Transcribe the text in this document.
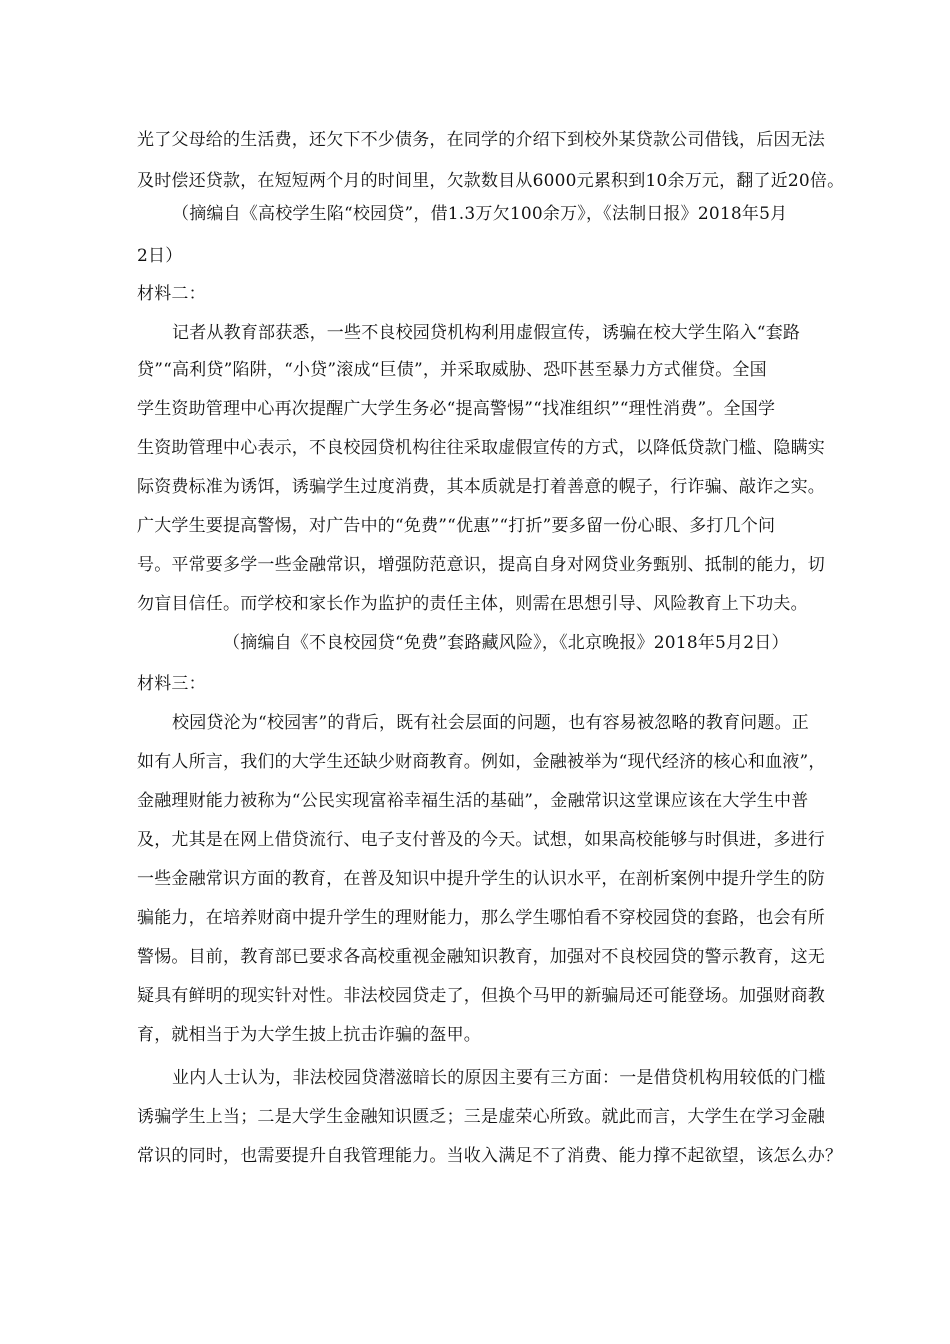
光了父母给的生活费，还欠下不少债务，在同学的介绍下到校外某贷款公司借钱，后因无法
及时偿还贷款，在短短两个月的时间里，欠款数目从6000元累积到10余万元，翻了近20倍。
（摘编自《高校学生陷“校园贷”，借1.3万欠100余万》，《法制日报》2018年5月
2日）
材料二：
记者从教育部获悉，一些不良校园贷机构利用虚假宣传，诱骗在校大学生陷入“套路
贷”“高利贷”陷阱，“小贷”滚成“巨债”，并采取威胁、恐吓甚至暴力方式催贷。全国
学生资助管理中心再次提醒广大学生务必“提高警惕”“找准组织”“理性消费”。全国学
生资助管理中心表示，不良校园贷机构往往采取虚假宣传的方式，以降低贷款门槛、隐瞒实
际资费标准为诱饵，诱骗学生过度消费，其本质就是打着善意的幌子，行诈骗、敲诈之实。
广大学生要提高警惕，对广告中的“免费”“优惠”“打折”要多留一份心眼、多打几个问
号。平常要多学一些金融常识，增强防范意识，提高自身对网贷业务甄别、抵制的能力，切
勿盲目信任。而学校和家长作为监护的责任主体，则需在思想引导、风险教育上下功夫。
（摘编自《不良校园贷“免费”套路藏风险》，《北京晚报》2018年5月2日）
材料三：
校园贷沦为“校园害”的背后，既有社会层面的问题，也有容易被忽略的教育问题。正
如有人所言，我们的大学生还缺少财商教育。例如，金融被举为“现代经济的核心和血液”，
金融理财能力被称为“公民实现富裕幸福生活的基础”，金融常识这堂课应该在大学生中普
及，尤其是在网上借贷流行、电子支付普及的今天。试想，如果高校能够与时俱进，多进行
一些金融常识方面的教育，在普及知识中提升学生的认识水平，在剖析案例中提升学生的防
骗能力，在培养财商中提升学生的理财能力，那么学生哪怕看不穿校园贷的套路，也会有所
警惕。目前，教育部已要求各高校重视金融知识教育，加强对不良校园贷的警示教育，这无
疑具有鲜明的现实针对性。非法校园贷走了，但换个马甲的新骗局还可能登场。加强财商教
育，就相当于为大学生披上抗击诈骗的盔甲。
业内人士认为，非法校园贷潜滋暗长的原因主要有三方面：一是借贷机构用较低的门槛
诱骗学生上当；二是大学生金融知识匮乏；三是虚荣心所致。就此而言，大学生在学习金融
常识的同时，也需要提升自我管理能力。当收入满足不了消费、能力撑不起欲望，该怎么办？
